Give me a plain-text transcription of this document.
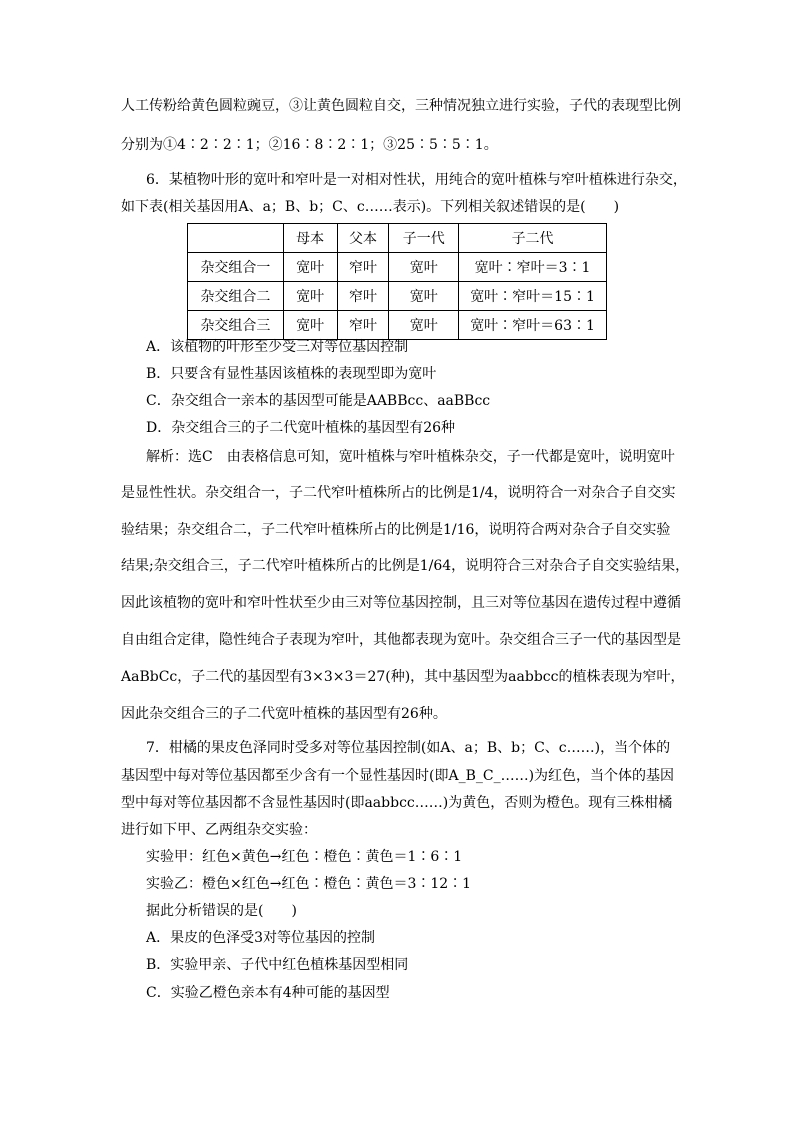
人工传粉给黄色圆粒豌豆，③让黄色圆粒自交，三种情况独立进行实验，子代的表现型比例
分别为①4∶2∶2∶1；②16∶8∶2∶1；③25∶5∶5∶1。
6．某植物叶形的宽叶和窄叶是一对相对性状，用纯合的宽叶植株与窄叶植株进行杂交，
如下表(相关基因用A、a；B、b；C、c……表示)。下列相关叙述错误的是(　　)
	母本	父本	子一代	子二代
杂交组合一	宽叶	窄叶	宽叶	宽叶∶窄叶＝3∶1
杂交组合二	宽叶	窄叶	宽叶	宽叶∶窄叶＝15∶1
杂交组合三	宽叶	窄叶	宽叶	宽叶∶窄叶＝63∶1
A．该植物的叶形至少受三对等位基因控制
B．只要含有显性基因该植株的表现型即为宽叶
C．杂交组合一亲本的基因型可能是AABBcc、aaBBcc
D．杂交组合三的子二代宽叶植株的基因型有26种
解析：选C　由表格信息可知，宽叶植株与窄叶植株杂交，子一代都是宽叶，说明宽叶
是显性性状。杂交组合一，子二代窄叶植株所占的比例是1/4，说明符合一对杂合子自交实
验结果；杂交组合二，子二代窄叶植株所占的比例是1/16，说明符合两对杂合子自交实验
结果;杂交组合三，子二代窄叶植株所占的比例是1/64，说明符合三对杂合子自交实验结果，
因此该植物的宽叶和窄叶性状至少由三对等位基因控制，且三对等位基因在遗传过程中遵循
自由组合定律，隐性纯合子表现为窄叶，其他都表现为宽叶。杂交组合三子一代的基因型是
AaBbCc，子二代的基因型有3×3×3＝27(种)，其中基因型为aabbcc的植株表现为窄叶，
因此杂交组合三的子二代宽叶植株的基因型有26种。
7．柑橘的果皮色泽同时受多对等位基因控制(如A、a；B、b；C、c……)，当个体的
基因型中每对等位基因都至少含有一个显性基因时(即A_B_C_……)为红色，当个体的基因
型中每对等位基因都不含显性基因时(即aabbcc……)为黄色，否则为橙色。现有三株柑橘
进行如下甲、乙两组杂交实验：
实验甲：红色×黄色→红色∶橙色∶黄色＝1∶6∶1
实验乙：橙色×红色→红色∶橙色∶黄色＝3∶12∶1
据此分析错误的是(　　)
A．果皮的色泽受3对等位基因的控制
B．实验甲亲、子代中红色植株基因型相同
C．实验乙橙色亲本有4种可能的基因型
